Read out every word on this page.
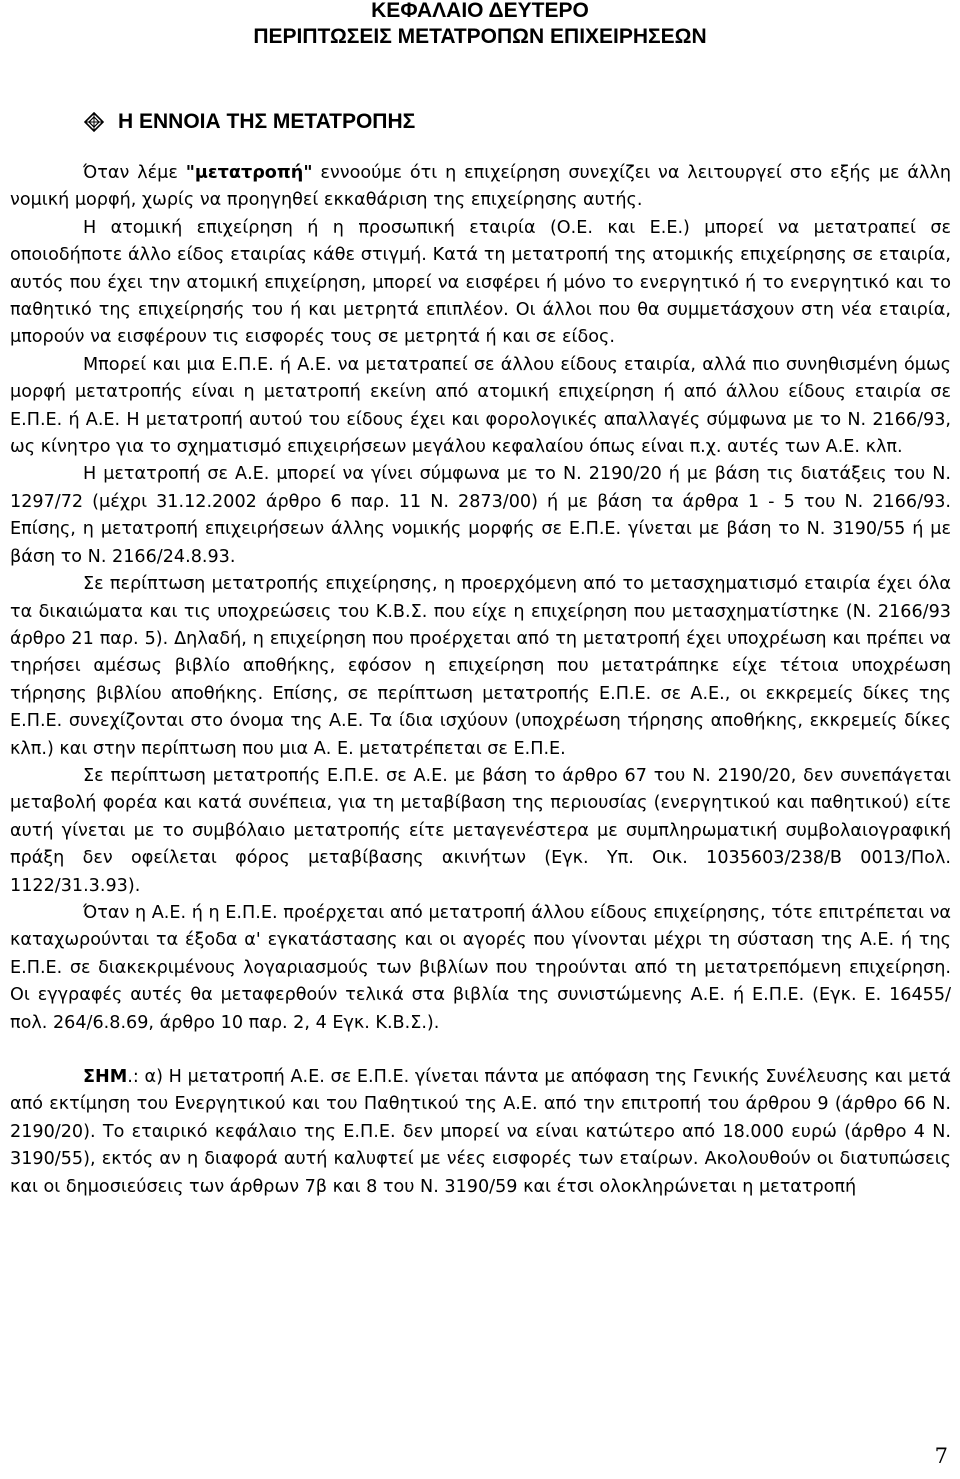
ΚΕΦΑΛΑΙΟ ΔΕΥΤΕΡΟ
ΠΕΡΙΠΤΩΣΕΙΣ ΜΕΤΑΤΡΟΠΩΝ ΕΠΙΧΕΙΡΗΣΕΩΝ
Η ΕΝΝΟΙΑ ΤΗΣ ΜΕΤΑΤΡΟΠΗΣ

Όταν λέμε "μετατροπή" εννοούμε ότι η επιχείρηση συνεχίζει να λειτουργεί στο εξής με άλλη νομική μορφή, χωρίς να προηγηθεί εκκαθάριση της επιχείρησης αυτής.

Η ατομική επιχείρηση ή η προσωπική εταιρία (Ο.Ε. και Ε.Ε.) μπορεί να μετατραπεί σε οποιοδήποτε άλλο είδος εταιρίας κάθε στιγμή. Κατά τη μετατροπή της ατομικής επιχείρησης σε εταιρία, αυτός που έχει την ατομική επιχείρηση, μπορεί να εισφέρει ή μόνο το ενεργητικό ή το ενεργητικό και το παθητικό της επιχείρησής του ή και μετρητά επιπλέον. Οι άλλοι που θα συμμετάσχουν στη νέα εταιρία, μπορούν να εισφέρουν τις εισφορές τους σε μετρητά ή και σε είδος.

Μπορεί και μια Ε.Π.Ε. ή Α.Ε. να μετατραπεί σε άλλου είδους εταιρία, αλλά πιο συνηθισμένη όμως μορφή μετατροπής είναι η μετατροπή εκείνη από ατομική επιχείρηση ή από άλλου είδους εταιρία σε Ε.Π.Ε. ή Α.Ε. Η μετατροπή αυτού του είδους έχει και φορολογικές απαλλαγές σύμφωνα με το Ν. 2166/93, ως κίνητρο για το σχηματισμό επιχειρήσεων μεγάλου κεφαλαίου όπως είναι π.χ. αυτές των Α.Ε. κλπ.

Η μετατροπή σε Α.Ε. μπορεί να γίνει σύμφωνα με το Ν. 2190/20 ή με βάση τις διατάξεις του Ν. 1297/72 (μέχρι 31.12.2002 άρθρο 6 παρ. 11 Ν. 2873/00) ή με βάση τα άρθρα 1 - 5 του Ν. 2166/93. Επίσης, η μετατροπή επιχειρήσεων άλλης νομικής μορφής σε Ε.Π.Ε. γίνεται με βάση το Ν. 3190/55 ή με βάση το Ν. 2166/24.8.93.

Σε περίπτωση μετατροπής επιχείρησης, η προερχόμενη από το μετασχηματισμό εταιρία έχει όλα τα δικαιώματα και τις υποχρεώσεις του Κ.Β.Σ. που είχε η επιχείρηση που μετασχηματίστηκε (Ν. 2166/93 άρθρο 21 παρ. 5). Δηλαδή, η επιχείρηση που προέρχεται από τη μετατροπή έχει υποχρέωση και πρέπει να τηρήσει αμέσως βιβλίο αποθήκης, εφόσον η επιχείρηση που μετατράπηκε είχε τέτοια υποχρέωση τήρησης βιβλίου αποθήκης. Επίσης, σε περίπτωση μετατροπής Ε.Π.Ε. σε Α.Ε., οι εκκρεμείς δίκες της Ε.Π.Ε. συνεχίζονται στο όνομα της Α.Ε. Τα ίδια ισχύουν (υποχρέωση τήρησης αποθήκης, εκκρεμείς δίκες κλπ.) και στην περίπτωση που μια Α. Ε. μετατρέπεται σε Ε.Π.Ε.

Σε περίπτωση μετατροπής Ε.Π.Ε. σε Α.Ε. με βάση το άρθρο 67 του Ν. 2190/20, δεν συνεπάγεται μεταβολή φορέα και κατά συνέπεια, για τη μεταβίβαση της περιουσίας (ενεργητικού και παθητικού) είτε αυτή γίνεται με το συμβόλαιο μετατροπής είτε μεταγενέστερα με συμπληρωματική συμβολαιογραφική πράξη δεν οφείλεται φόρος μεταβίβασης ακινήτων (Εγκ. Υπ. Οικ. 1035603/238/Β 0013/Πολ. 1122/31.3.93).

Όταν η Α.Ε. ή η Ε.Π.Ε. προέρχεται από μετατροπή άλλου είδους επιχείρησης, τότε επιτρέπεται να καταχωρούνται τα έξοδα α' εγκατάστασης και οι αγορές που γίνονται μέχρι τη σύσταση της Α.Ε. ή της Ε.Π.Ε. σε διακεκριμένους λογαριασμούς των βιβλίων που τηρούνται από τη μετατρεπόμενη επιχείρηση. Οι εγγραφές αυτές θα μεταφερθούν τελικά στα βιβλία της συνιστώμενης Α.Ε. ή Ε.Π.Ε. (Εγκ. Ε. 16455/πολ. 264/6.8.69, άρθρο 10 παρ. 2, 4 Εγκ. Κ.Β.Σ.).

ΣΗΜ.: α) Η μετατροπή Α.Ε. σε Ε.Π.Ε. γίνεται πάντα με απόφαση της Γενικής Συνέλευσης και μετά από εκτίμηση του Ενεργητικού και του Παθητικού της Α.Ε. από την επιτροπή του άρθρου 9 (άρθρο 66 Ν. 2190/20). Το εταιρικό κεφάλαιο της Ε.Π.Ε. δεν μπορεί να είναι κατώτερο από 18.000 ευρώ (άρθρο 4 Ν. 3190/55), εκτός αν η διαφορά αυτή καλυφτεί με νέες εισφορές των εταίρων. Ακολουθούν οι διατυπώσεις και οι δημοσιεύσεις των άρθρων 7β και 8 του Ν. 3190/59 και έτσι ολοκληρώνεται η μετατροπή

7
